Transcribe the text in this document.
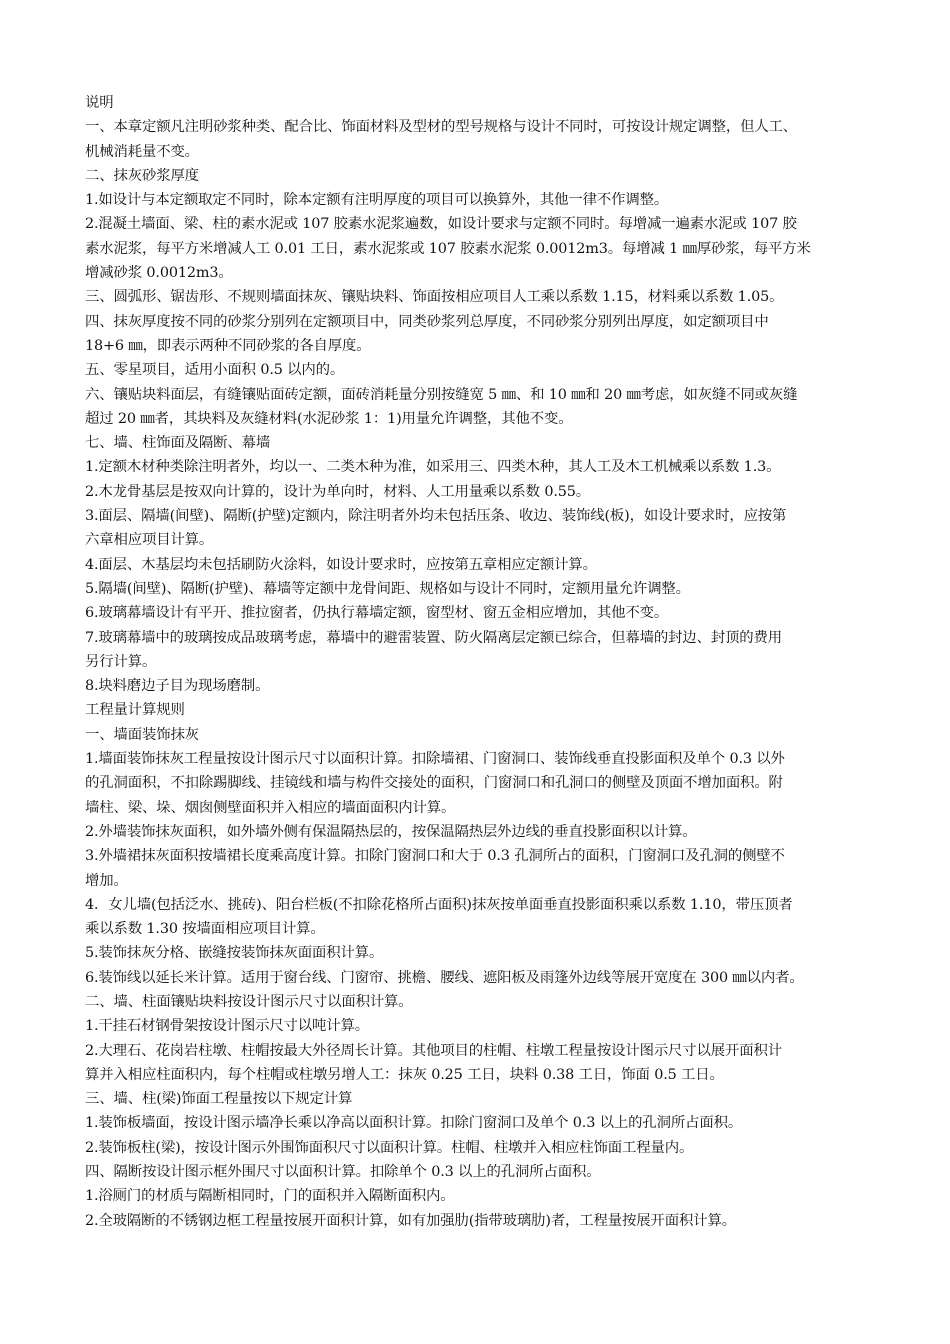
说明
一、本章定额凡注明砂浆种类、配合比、饰面材料及型材的型号规格与设计不同时，可按设计规定调整，但人工、
机械消耗量不变。
二、抹灰砂浆厚度
1.如设计与本定额取定不同时，除本定额有注明厚度的项目可以换算外，其他一律不作调整。
2.混凝土墙面、梁、柱的素水泥或 107 胶素水泥浆遍数，如设计要求与定额不同时。每增减一遍素水泥或 107 胶
素水泥浆，每平方米增减人工 0.01 工日，素水泥浆或 107 胶素水泥浆 0.0012m3。每增减 1 ㎜厚砂浆，每平方米
增减砂浆 0.0012m3。
三、圆弧形、锯齿形、不规则墙面抹灰、镶贴块料、饰面按相应项目人工乘以系数 1.15，材料乘以系数 1.05。
四、抹灰厚度按不同的砂浆分别列在定额项目中，同类砂浆列总厚度，不同砂浆分别列出厚度，如定额项目中
18+6 ㎜，即表示两种不同砂浆的各自厚度。
五、零星项目，适用小面积 0.5 以内的。
六、镶贴块料面层，有缝镶贴面砖定额，面砖消耗量分别按缝宽 5 ㎜、和 10 ㎜和 20 ㎜考虑，如灰缝不同或灰缝
超过 20 ㎜者，其块料及灰缝材料(水泥砂浆 1：1)用量允许调整，其他不变。
七、墙、柱饰面及隔断、幕墙
1.定额木材种类除注明者外，均以一、二类木种为准，如采用三、四类木种，其人工及木工机械乘以系数 1.3。
2.木龙骨基层是按双向计算的，设计为单向时，材料、人工用量乘以系数 0.55。
3.面层、隔墙(间壁)、隔断(护壁)定额内，除注明者外均未包括压条、收边、装饰线(板)，如设计要求时，应按第
六章相应项目计算。
4.面层、木基层均未包括刷防火涂料，如设计要求时，应按第五章相应定额计算。
5.隔墙(间壁)、隔断(护壁)、幕墙等定额中龙骨间距、规格如与设计不同时，定额用量允许调整。
6.玻璃幕墙设计有平开、推拉窗者，仍执行幕墙定额，窗型材、窗五金相应增加，其他不变。
7.玻璃幕墙中的玻璃按成品玻璃考虑，幕墙中的避雷装置、防火隔离层定额已综合，但幕墙的封边、封顶的费用
另行计算。
8.块料磨边子目为现场磨制。
工程量计算规则
一、墙面装饰抹灰
1.墙面装饰抹灰工程量按设计图示尺寸以面积计算。扣除墙裙、门窗洞口、装饰线垂直投影面积及单个 0.3 以外
的孔洞面积，不扣除踢脚线、挂镜线和墙与构件交接处的面积，门窗洞口和孔洞口的侧壁及顶面不增加面积。附
墙柱、梁、垛、烟囱侧壁面积并入相应的墙面面积内计算。
2.外墙装饰抹灰面积，如外墙外侧有保温隔热层的，按保温隔热层外边线的垂直投影面积以计算。
3.外墙裙抹灰面积按墙裙长度乘高度计算。扣除门窗洞口和大于 0.3 孔洞所占的面积，门窗洞口及孔洞的侧壁不
增加。
4．女儿墙(包括泛水、挑砖)、阳台栏板(不扣除花格所占面积)抹灰按单面垂直投影面积乘以系数 1.10，带压顶者
乘以系数 1.30 按墙面相应项目计算。
5.装饰抹灰分格、嵌缝按装饰抹灰面面积计算。
6.装饰线以延长米计算。适用于窗台线、门窗帘、挑檐、腰线、遮阳板及雨篷外边线等展开宽度在 300 ㎜以内者。
二、墙、柱面镶贴块料按设计图示尺寸以面积计算。
1.干挂石材钢骨架按设计图示尺寸以吨计算。
2.大理石、花岗岩柱墩、柱帽按最大外径周长计算。其他项目的柱帽、柱墩工程量按设计图示尺寸以展开面积计
算并入相应柱面积内，每个柱帽或柱墩另增人工：抹灰 0.25 工日，块料 0.38 工日，饰面 0.5 工日。
三、墙、柱(梁)饰面工程量按以下规定计算
1.装饰板墙面，按设计图示墙净长乘以净高以面积计算。扣除门窗洞口及单个 0.3 以上的孔洞所占面积。
2.装饰板柱(梁)，按设计图示外围饰面积尺寸以面积计算。柱帽、柱墩并入相应柱饰面工程量内。
四、隔断按设计图示框外围尺寸以面积计算。扣除单个 0.3 以上的孔洞所占面积。
1.浴厕门的材质与隔断相同时，门的面积并入隔断面积内。
2.全玻隔断的不锈钢边框工程量按展开面积计算，如有加强肋(指带玻璃肋)者，工程量按展开面积计算。
